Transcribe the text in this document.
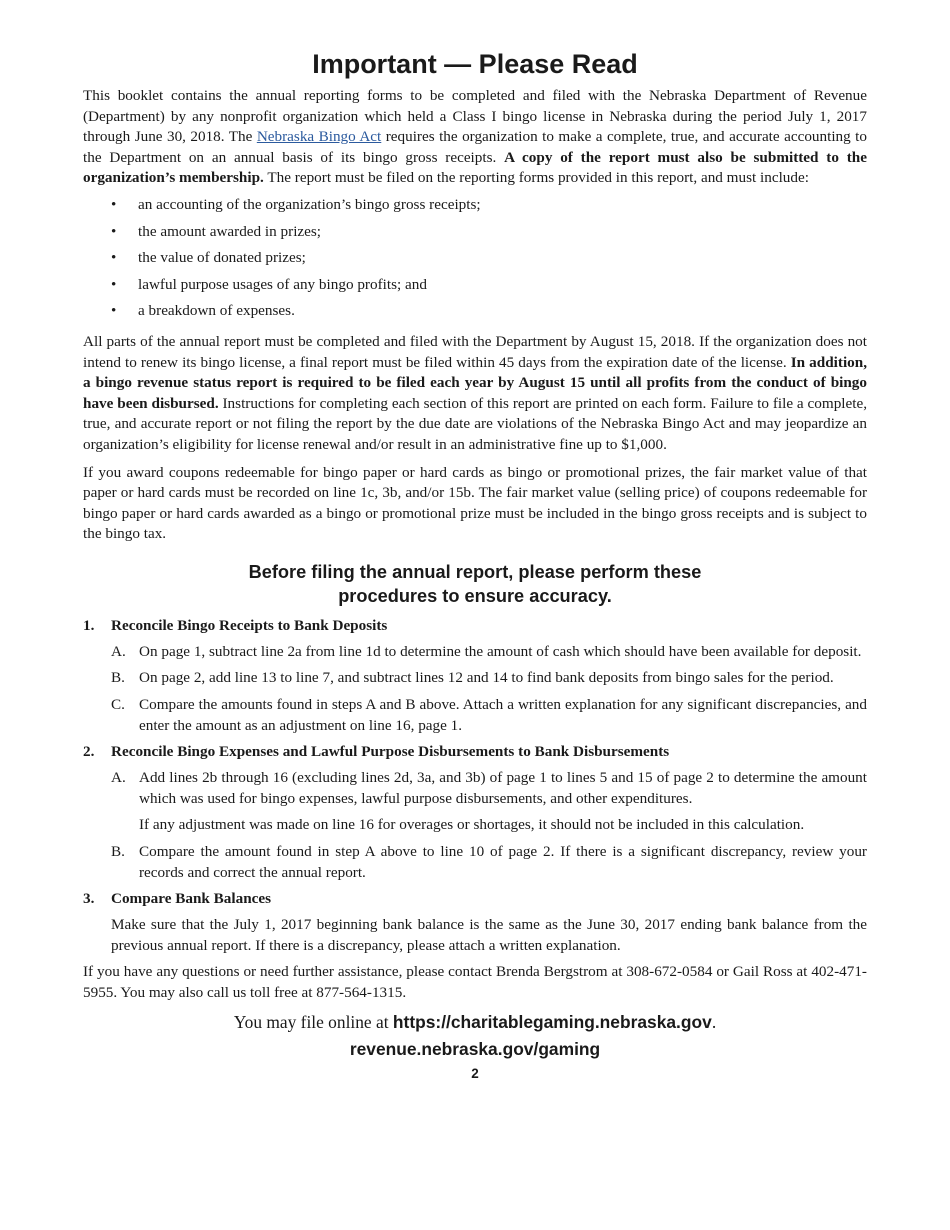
Important — Please Read

This booklet contains the annual reporting forms to be completed and filed with the Nebraska Department of Revenue (Department) by any nonprofit organization which held a Class I bingo license in Nebraska during the period July 1, 2017 through June 30, 2018. The Nebraska Bingo Act requires the organization to make a complete, true, and accurate accounting to the Department on an annual basis of its bingo gross receipts. A copy of the report must also be submitted to the organization’s membership. The report must be filed on the reporting forms provided in this report, and must include:

• an accounting of the organization’s bingo gross receipts;
• the amount awarded in prizes;
• the value of donated prizes;
• lawful purpose usages of any bingo profits; and
• a breakdown of expenses.

All parts of the annual report must be completed and filed with the Department by August 15, 2018. If the organization does not intend to renew its bingo license, a final report must be filed within 45 days from the expiration date of the license. In addition, a bingo revenue status report is required to be filed each year by August 15 until all profits from the conduct of bingo have been disbursed. Instructions for completing each section of this report are printed on each form. Failure to file a complete, true, and accurate report or not filing the report by the due date are violations of the Nebraska Bingo Act and may jeopardize an organization’s eligibility for license renewal and/or result in an administrative fine up to $1,000.

If you award coupons redeemable for bingo paper or hard cards as bingo or promotional prizes, the fair market value of that paper or hard cards must be recorded on line 1c, 3b, and/or 15b. The fair market value (selling price) of coupons redeemable for bingo paper or hard cards awarded as a bingo or promotional prize must be included in the bingo gross receipts and is subject to the bingo tax.

Before filing the annual report, please perform these
procedures to ensure accuracy.
1. Reconcile Bingo Receipts to Bank Deposits
A. On page 1, subtract line 2a from line 1d to determine the amount of cash which should have been available for deposit.
B. On page 2, add line 13 to line 7, and subtract lines 12 and 14 to find bank deposits from bingo sales for the period.
C. Compare the amounts found in steps A and B above. Attach a written explanation for any significant discrepancies, and enter the amount as an adjustment on line 16, page 1.
2. Reconcile Bingo Expenses and Lawful Purpose Disbursements to Bank Disbursements
A. Add lines 2b through 16 (excluding lines 2d, 3a, and 3b) of page 1 to lines 5 and 15 of page 2 to determine the amount which was used for bingo expenses, lawful purpose disbursements, and other expenditures.
If any adjustment was made on line 16 for overages or shortages, it should not be included in this calculation.
B. Compare the amount found in step A above to line 10 of page 2. If there is a significant discrepancy, review your records and correct the annual report.
3. Compare Bank Balances
Make sure that the July 1, 2017 beginning bank balance is the same as the June 30, 2017 ending bank balance from the previous annual report. If there is a discrepancy, please attach a written explanation.

If you have any questions or need further assistance, please contact Brenda Bergstrom at 308-672-0584 or Gail Ross at 402-471-5955. You may also call us toll free at 877-564-1315.

You may file online at https://charitablegaming.nebraska.gov.
revenue.nebraska.gov/gaming
2
